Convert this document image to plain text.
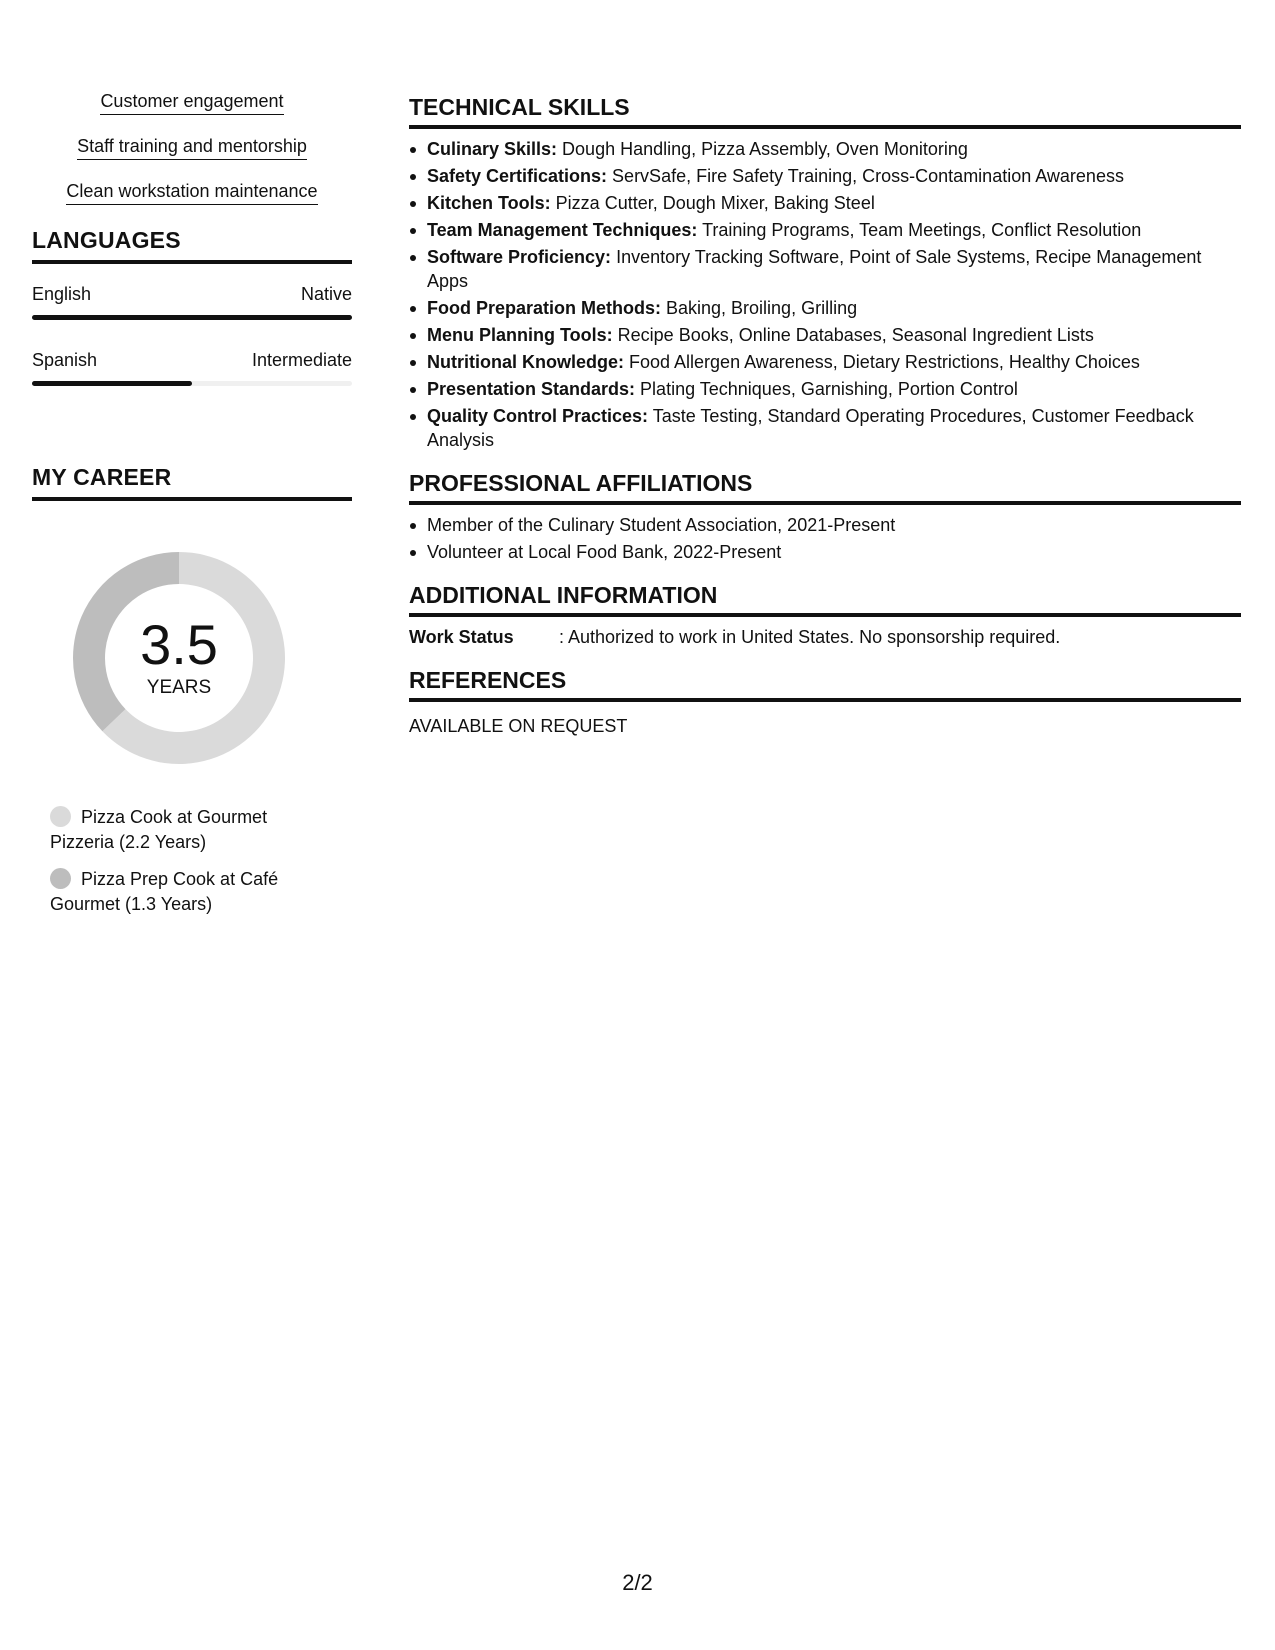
Customer engagement
Staff training and mentorship
Clean workstation maintenance
LANGUAGES
English	Native
Spanish	Intermediate
MY CAREER
3.5
YEARS
Pizza Cook at Gourmet Pizzeria (2.2 Years)
Pizza Prep Cook at Café Gourmet (1.3 Years)
TECHNICAL SKILLS
Culinary Skills: Dough Handling, Pizza Assembly, Oven Monitoring
Safety Certifications: ServSafe, Fire Safety Training, Cross-Contamination Awareness
Kitchen Tools: Pizza Cutter, Dough Mixer, Baking Steel
Team Management Techniques: Training Programs, Team Meetings, Conflict Resolution
Software Proficiency: Inventory Tracking Software, Point of Sale Systems, Recipe Management Apps
Food Preparation Methods: Baking, Broiling, Grilling
Menu Planning Tools: Recipe Books, Online Databases, Seasonal Ingredient Lists
Nutritional Knowledge: Food Allergen Awareness, Dietary Restrictions, Healthy Choices
Presentation Standards: Plating Techniques, Garnishing, Portion Control
Quality Control Practices: Taste Testing, Standard Operating Procedures, Customer Feedback Analysis
PROFESSIONAL AFFILIATIONS
Member of the Culinary Student Association, 2021-Present
Volunteer at Local Food Bank, 2022-Present
ADDITIONAL INFORMATION
Work Status	: Authorized to work in United States. No sponsorship required.
REFERENCES
AVAILABLE ON REQUEST
2/2
